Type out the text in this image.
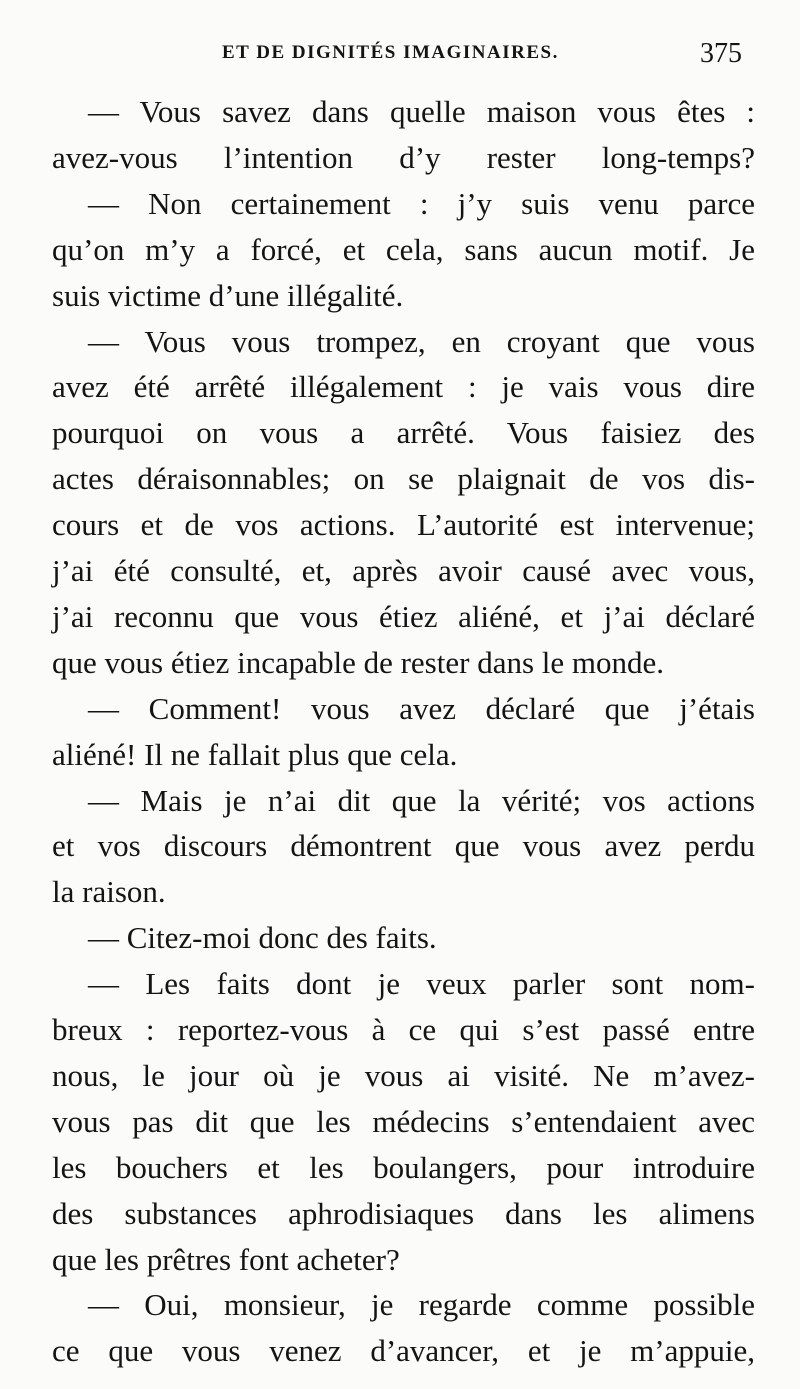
ET DE DIGNITÉS IMAGINAIRES.	375
— Vous savez dans quelle maison vous êtes :
avez-vous l’intention d’y rester long-temps?
— Non certainement : j’y suis venu parce
qu’on m’y a forcé, et cela, sans aucun motif. Je
suis victime d’une illégalité.
— Vous vous trompez, en croyant que vous
avez été arrêté illégalement : je vais vous dire
pourquoi on vous a arrêté. Vous faisiez des
actes déraisonnables; on se plaignait de vos dis-
cours et de vos actions. L’autorité est intervenue;
j’ai été consulté, et, après avoir causé avec vous,
j’ai reconnu que vous étiez aliéné, et j’ai déclaré
que vous étiez incapable de rester dans le monde.
— Comment! vous avez déclaré que j’étais
aliéné! Il ne fallait plus que cela.
— Mais je n’ai dit que la vérité; vos actions
et vos discours démontrent que vous avez perdu
la raison.
— Citez-moi donc des faits.
— Les faits dont je veux parler sont nom-
breux : reportez-vous à ce qui s’est passé entre
nous, le jour où je vous ai visité. Ne m’avez-
vous pas dit que les médecins s’entendaient avec
les bouchers et les boulangers, pour introduire
des substances aphrodisiaques dans les alimens
que les prêtres font acheter?
— Oui, monsieur, je regarde comme possible
ce que vous venez d’avancer, et je m’appuie,
